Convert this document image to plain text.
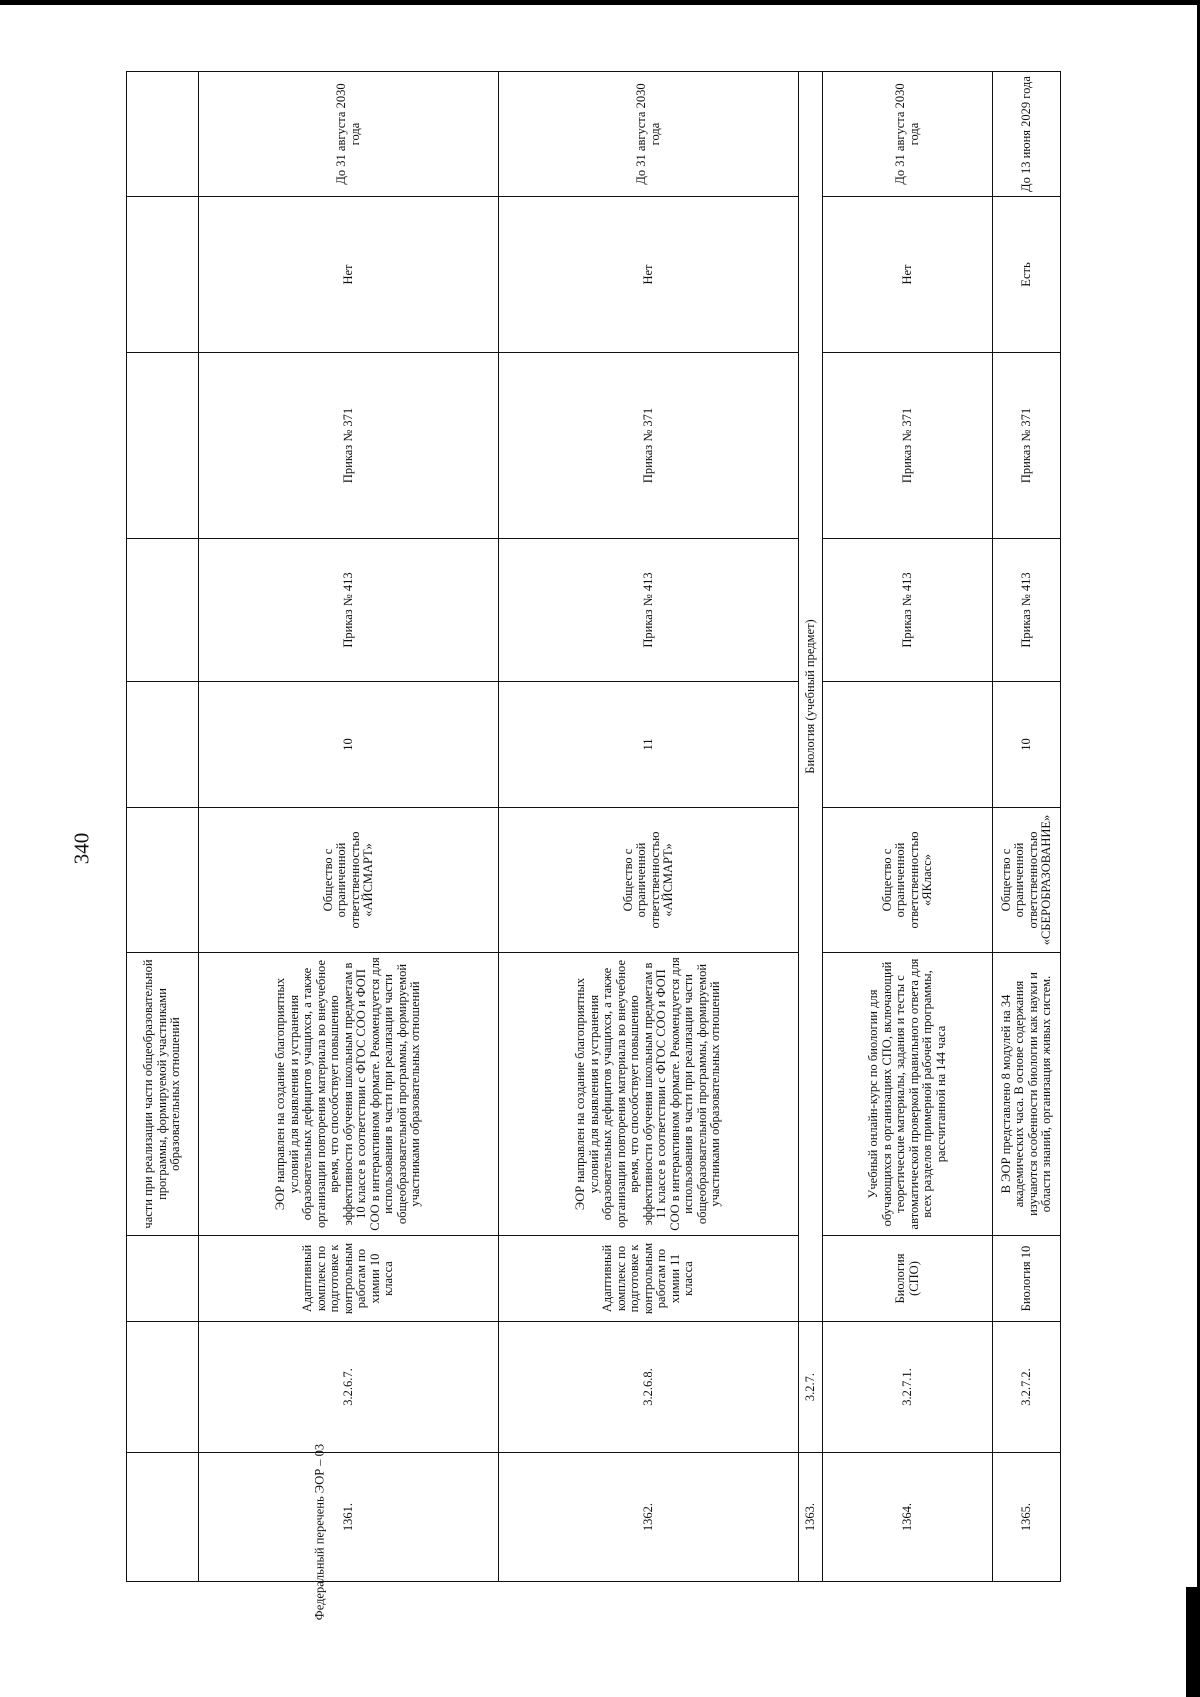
340
Федеральный перечень ЭОР – 03
			части при реализации части общеобразовательной программы, формируемой участниками образовательных отношений						
1361.	3.2.6.7.	Адаптивный комплекс по подготовке к контрольным работам по химии 10 класса	ЭОР направлен на создание благоприятных условий для выявления и устранения образовательных дефицитов учащихся, а также организации повторения материала во внеучебное время, что способствует повышению эффективности обучения школьным предметам в 10 классе в соответствии с ФГОС СОО и ФОП СОО в интерактивном формате. Рекомендуется для использования в части при реализации части общеобразовательной программы, формируемой участниками образовательных отношений	Общество с ограниченной ответственностью «АЙСМАРТ»	10	Приказ № 413	Приказ № 371	Нет	До 31 августа 2030 года
1362.	3.2.6.8.	Адаптивный комплекс по подготовке к контрольным работам по химии 11 класса	ЭОР направлен на создание благоприятных условий для выявления и устранения образовательных дефицитов учащихся, а также организации повторения материала во внеучебное время, что способствует повышению эффективности обучения школьным предметам в 11 классе в соответствии с ФГОС СОО и ФОП СОО в интерактивном формате. Рекомендуется для использования в части при реализации части общеобразовательной программы, формируемой участниками образовательных отношений	Общество с ограниченной ответственностью «АЙСМАРТ»	11	Приказ № 413	Приказ № 371	Нет	До 31 августа 2030 года
1363.	3.2.7.	Биология (учебный предмет)							
1364.	3.2.7.1.	Биология (СПО)	Учебный онлайн-курс по биологии для обучающихся в организациях СПО, включающий теоретические материалы, задания и тесты с автоматической проверкой правильного ответа для всех разделов примерной рабочей программы, рассчитанной на 144 часа	Общество с ограниченной ответственностью «ЯКласс»		Приказ № 413	Приказ № 371	Нет	До 31 августа 2030 года
1365.	3.2.7.2.	Биология 10	В ЭОР представлено 8 модулей на 34 академических часа. В основе содержания изучаются особенности биологии как науки и области знаний, организация живых систем.	Общество с ограниченной ответственностью «СБЕРОБРАЗОВАНИЕ»	10	Приказ № 413	Приказ № 371	Есть	До 13 июня 2029 года
